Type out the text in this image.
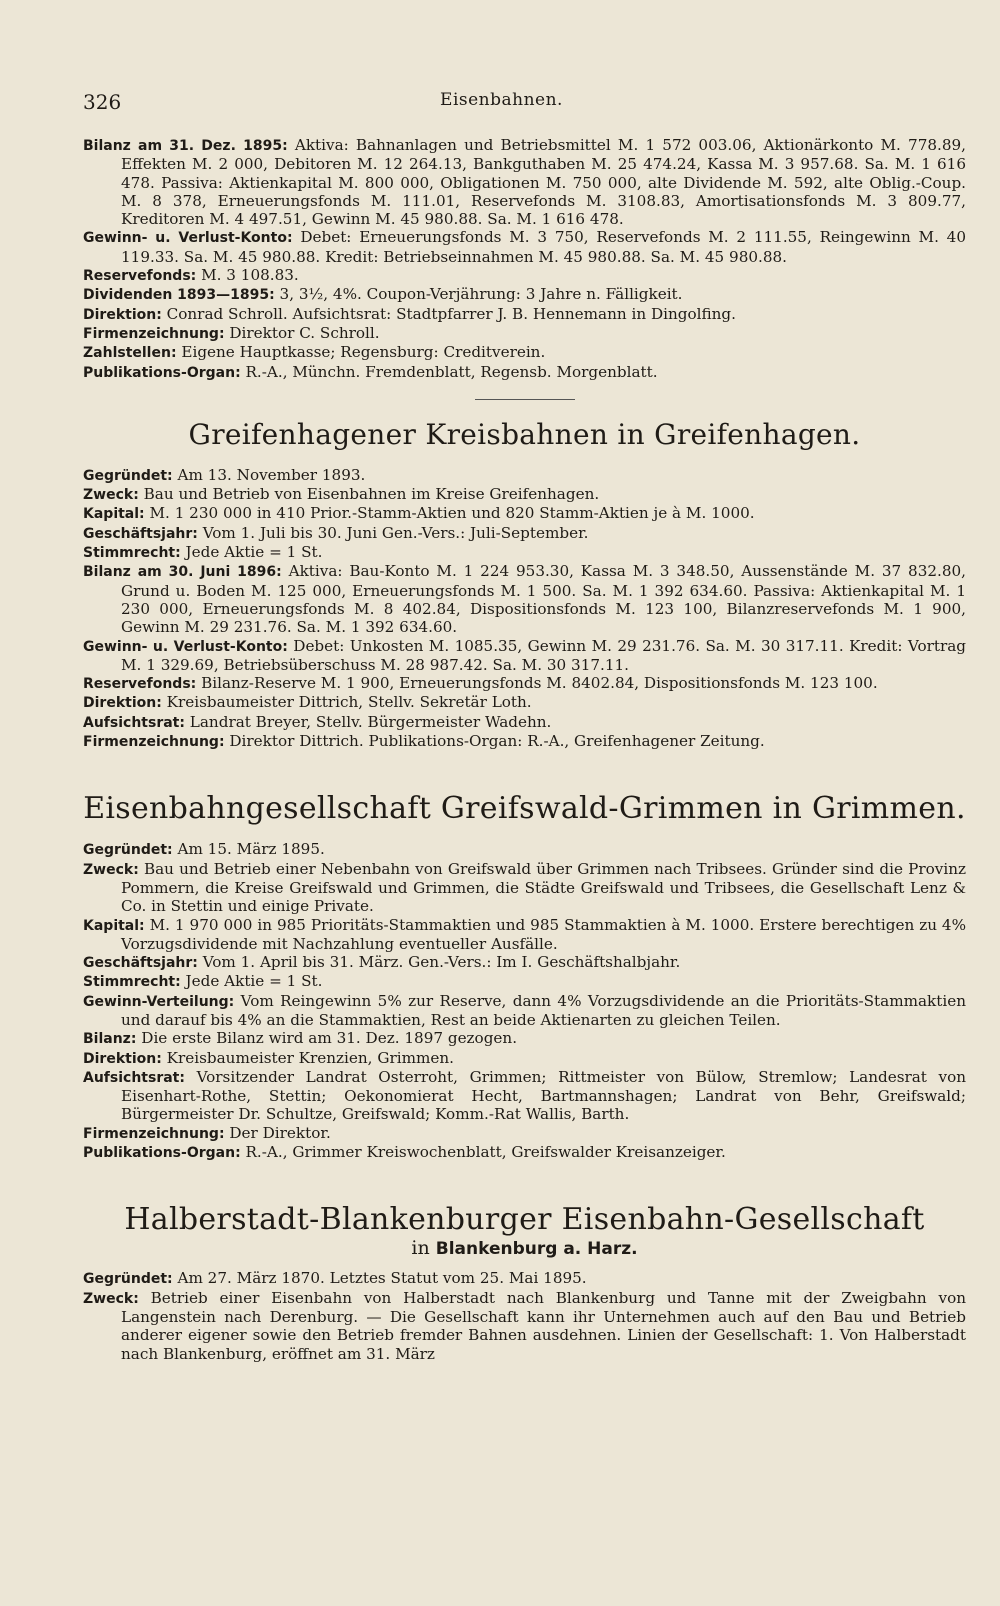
326	Eisenbahnen.

Bilanz am 31. Dez. 1895: Aktiva: Bahnanlagen und Betriebsmittel M. 1 572 003.06, Aktionärkonto M. 778.89, Effekten M. 2 000, Debitoren M. 12 264.13, Bankguthaben M. 25 474.24, Kassa M. 3 957.68. Sa. M. 1 616 478. Passiva: Aktienkapital M. 800 000, Obligationen M. 750 000, alte Dividende M. 592, alte Oblig.-Coup. M. 8 378, Erneuerungsfonds M. 111.01, Reservefonds M. 3108.83, Amortisationsfonds M. 3 809.77, Kreditoren M. 4 497.51, Gewinn M. 45 980.88. Sa. M. 1 616 478.

Gewinn- u. Verlust-Konto: Debet: Erneuerungsfonds M. 3 750, Reservefonds M. 2 111.55, Reingewinn M. 40 119.33. Sa. M. 45 980.88. Kredit: Betriebseinnahmen M. 45 980.88. Sa. M. 45 980.88.

Reservefonds: M. 3 108.83.

Dividenden 1893—1895: 3, 3½, 4%. Coupon-Verjährung: 3 Jahre n. Fälligkeit.

Direktion: Conrad Schroll. Aufsichtsrat: Stadtpfarrer J. B. Hennemann in Dingolfing.

Firmenzeichnung: Direktor C. Schroll.

Zahlstellen: Eigene Hauptkasse; Regensburg: Creditverein.

Publikations-Organ: R.-A., Münchn. Fremdenblatt, Regensb. Morgenblatt.

Greifenhagener Kreisbahnen in Greifenhagen.

Gegründet: Am 13. November 1893.

Zweck: Bau und Betrieb von Eisenbahnen im Kreise Greifenhagen.

Kapital: M. 1 230 000 in 410 Prior.-Stamm-Aktien und 820 Stamm-Aktien je à M. 1000.

Geschäftsjahr: Vom 1. Juli bis 30. Juni Gen.-Vers.: Juli-September.

Stimmrecht: Jede Aktie = 1 St.

Bilanz am 30. Juni 1896: Aktiva: Bau-Konto M. 1 224 953.30, Kassa M. 3 348.50, Aussenstände M. 37 832.80, Grund u. Boden M. 125 000, Erneuerungsfonds M. 1 500. Sa. M. 1 392 634.60. Passiva: Aktienkapital M. 1 230 000, Erneuerungsfonds M. 8 402.84, Dispositionsfonds M. 123 100, Bilanzreservefonds M. 1 900, Gewinn M. 29 231.76. Sa. M. 1 392 634.60.

Gewinn- u. Verlust-Konto: Debet: Unkosten M. 1085.35, Gewinn M. 29 231.76. Sa. M. 30 317.11. Kredit: Vortrag M. 1 329.69, Betriebsüberschuss M. 28 987.42. Sa. M. 30 317.11.

Reservefonds: Bilanz-Reserve M. 1 900, Erneuerungsfonds M. 8402.84, Dispositionsfonds M. 123 100.

Direktion: Kreisbaumeister Dittrich, Stellv. Sekretär Loth.

Aufsichtsrat: Landrat Breyer, Stellv. Bürgermeister Wadehn.

Firmenzeichnung: Direktor Dittrich. Publikations-Organ: R.-A., Greifenhagener Zeitung.

Eisenbahngesellschaft Greifswald-Grimmen in Grimmen.

Gegründet: Am 15. März 1895.

Zweck: Bau und Betrieb einer Nebenbahn von Greifswald über Grimmen nach Tribsees. Gründer sind die Provinz Pommern, die Kreise Greifswald und Grimmen, die Städte Greifswald und Tribsees, die Gesellschaft Lenz & Co. in Stettin und einige Private.

Kapital: M. 1 970 000 in 985 Prioritäts-Stammaktien und 985 Stammaktien à M. 1000. Erstere berechtigen zu 4% Vorzugsdividende mit Nachzahlung eventueller Ausfälle.

Geschäftsjahr: Vom 1. April bis 31. März. Gen.-Vers.: Im I. Geschäftshalbjahr.

Stimmrecht: Jede Aktie = 1 St.

Gewinn-Verteilung: Vom Reingewinn 5% zur Reserve, dann 4% Vorzugsdividende an die Prioritäts-Stammaktien und darauf bis 4% an die Stammaktien, Rest an beide Aktienarten zu gleichen Teilen.

Bilanz: Die erste Bilanz wird am 31. Dez. 1897 gezogen.

Direktion: Kreisbaumeister Krenzien, Grimmen.

Aufsichtsrat: Vorsitzender Landrat Osterroht, Grimmen; Rittmeister von Bülow, Stremlow; Landesrat von Eisenhart-Rothe, Stettin; Oekonomierat Hecht, Bartmannshagen; Landrat von Behr, Greifswald; Bürgermeister Dr. Schultze, Greifswald; Komm.-Rat Wallis, Barth.

Firmenzeichnung: Der Direktor.

Publikations-Organ: R.-A., Grimmer Kreiswochenblatt, Greifswalder Kreisanzeiger.

Halberstadt-Blankenburger Eisenbahn-Gesellschaft
in Blankenburg a. Harz.

Gegründet: Am 27. März 1870. Letztes Statut vom 25. Mai 1895.

Zweck: Betrieb einer Eisenbahn von Halberstadt nach Blankenburg und Tanne mit der Zweigbahn von Langenstein nach Derenburg. — Die Gesellschaft kann ihr Unternehmen auch auf den Bau und Betrieb anderer eigener sowie den Betrieb fremder Bahnen ausdehnen. Linien der Gesellschaft: 1. Von Halberstadt nach Blankenburg, eröffnet am 31. März
